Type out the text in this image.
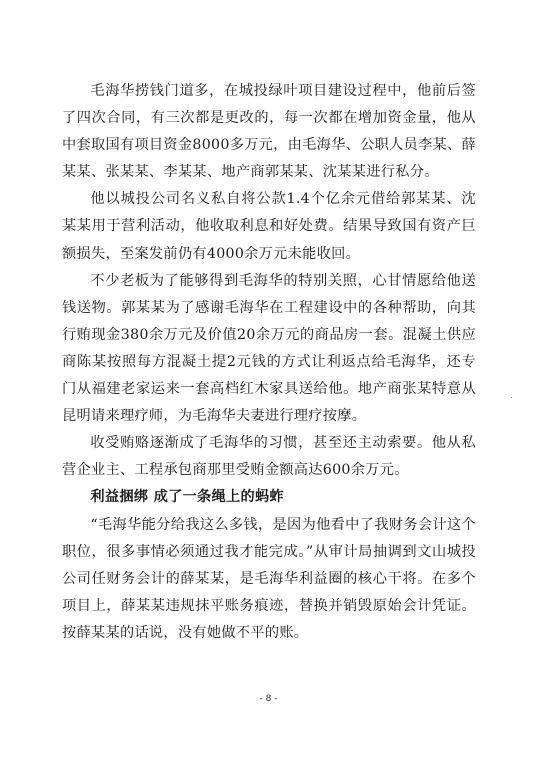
毛海华捞钱门道多，在城投绿叶项目建设过程中，他前后签了四次合同，有三次都是更改的，每一次都在增加资金量，他从中套取国有项目资金8000多万元，由毛海华、公职人员李某、薛某某、张某某、李某某、地产商郭某某、沈某某进行私分。

他以城投公司名义私自将公款1.4个亿余元借给郭某某、沈某某用于营利活动，他收取利息和好处费。结果导致国有资产巨额损失，至案发前仍有4000余万元未能收回。

不少老板为了能够得到毛海华的特别关照，心甘情愿给他送钱送物。郭某某为了感谢毛海华在工程建设中的各种帮助，向其行贿现金380余万元及价值20余万元的商品房一套。混凝土供应商陈某按照每方混凝土提2元钱的方式让利返点给毛海华，还专门从福建老家运来一套高档红木家具送给他。地产商张某特意从昆明请来理疗师，为毛海华夫妻进行理疗按摩。

收受贿赂逐渐成了毛海华的习惯，甚至还主动索要。他从私营企业主、工程承包商那里受贿金额高达600余万元。

利益捆绑 成了一条绳上的蚂蚱

“毛海华能分给我这么多钱，是因为他看中了我财务会计这个职位，很多事情必须通过我才能完成。”从审计局抽调到文山城投公司任财务会计的薛某某，是毛海华利益圈的核心干将。在多个项目上，薛某某违规抹平账务痕迹，替换并销毁原始会计凭证。按薛某某的话说，没有她做不平的账。

- 8 -
